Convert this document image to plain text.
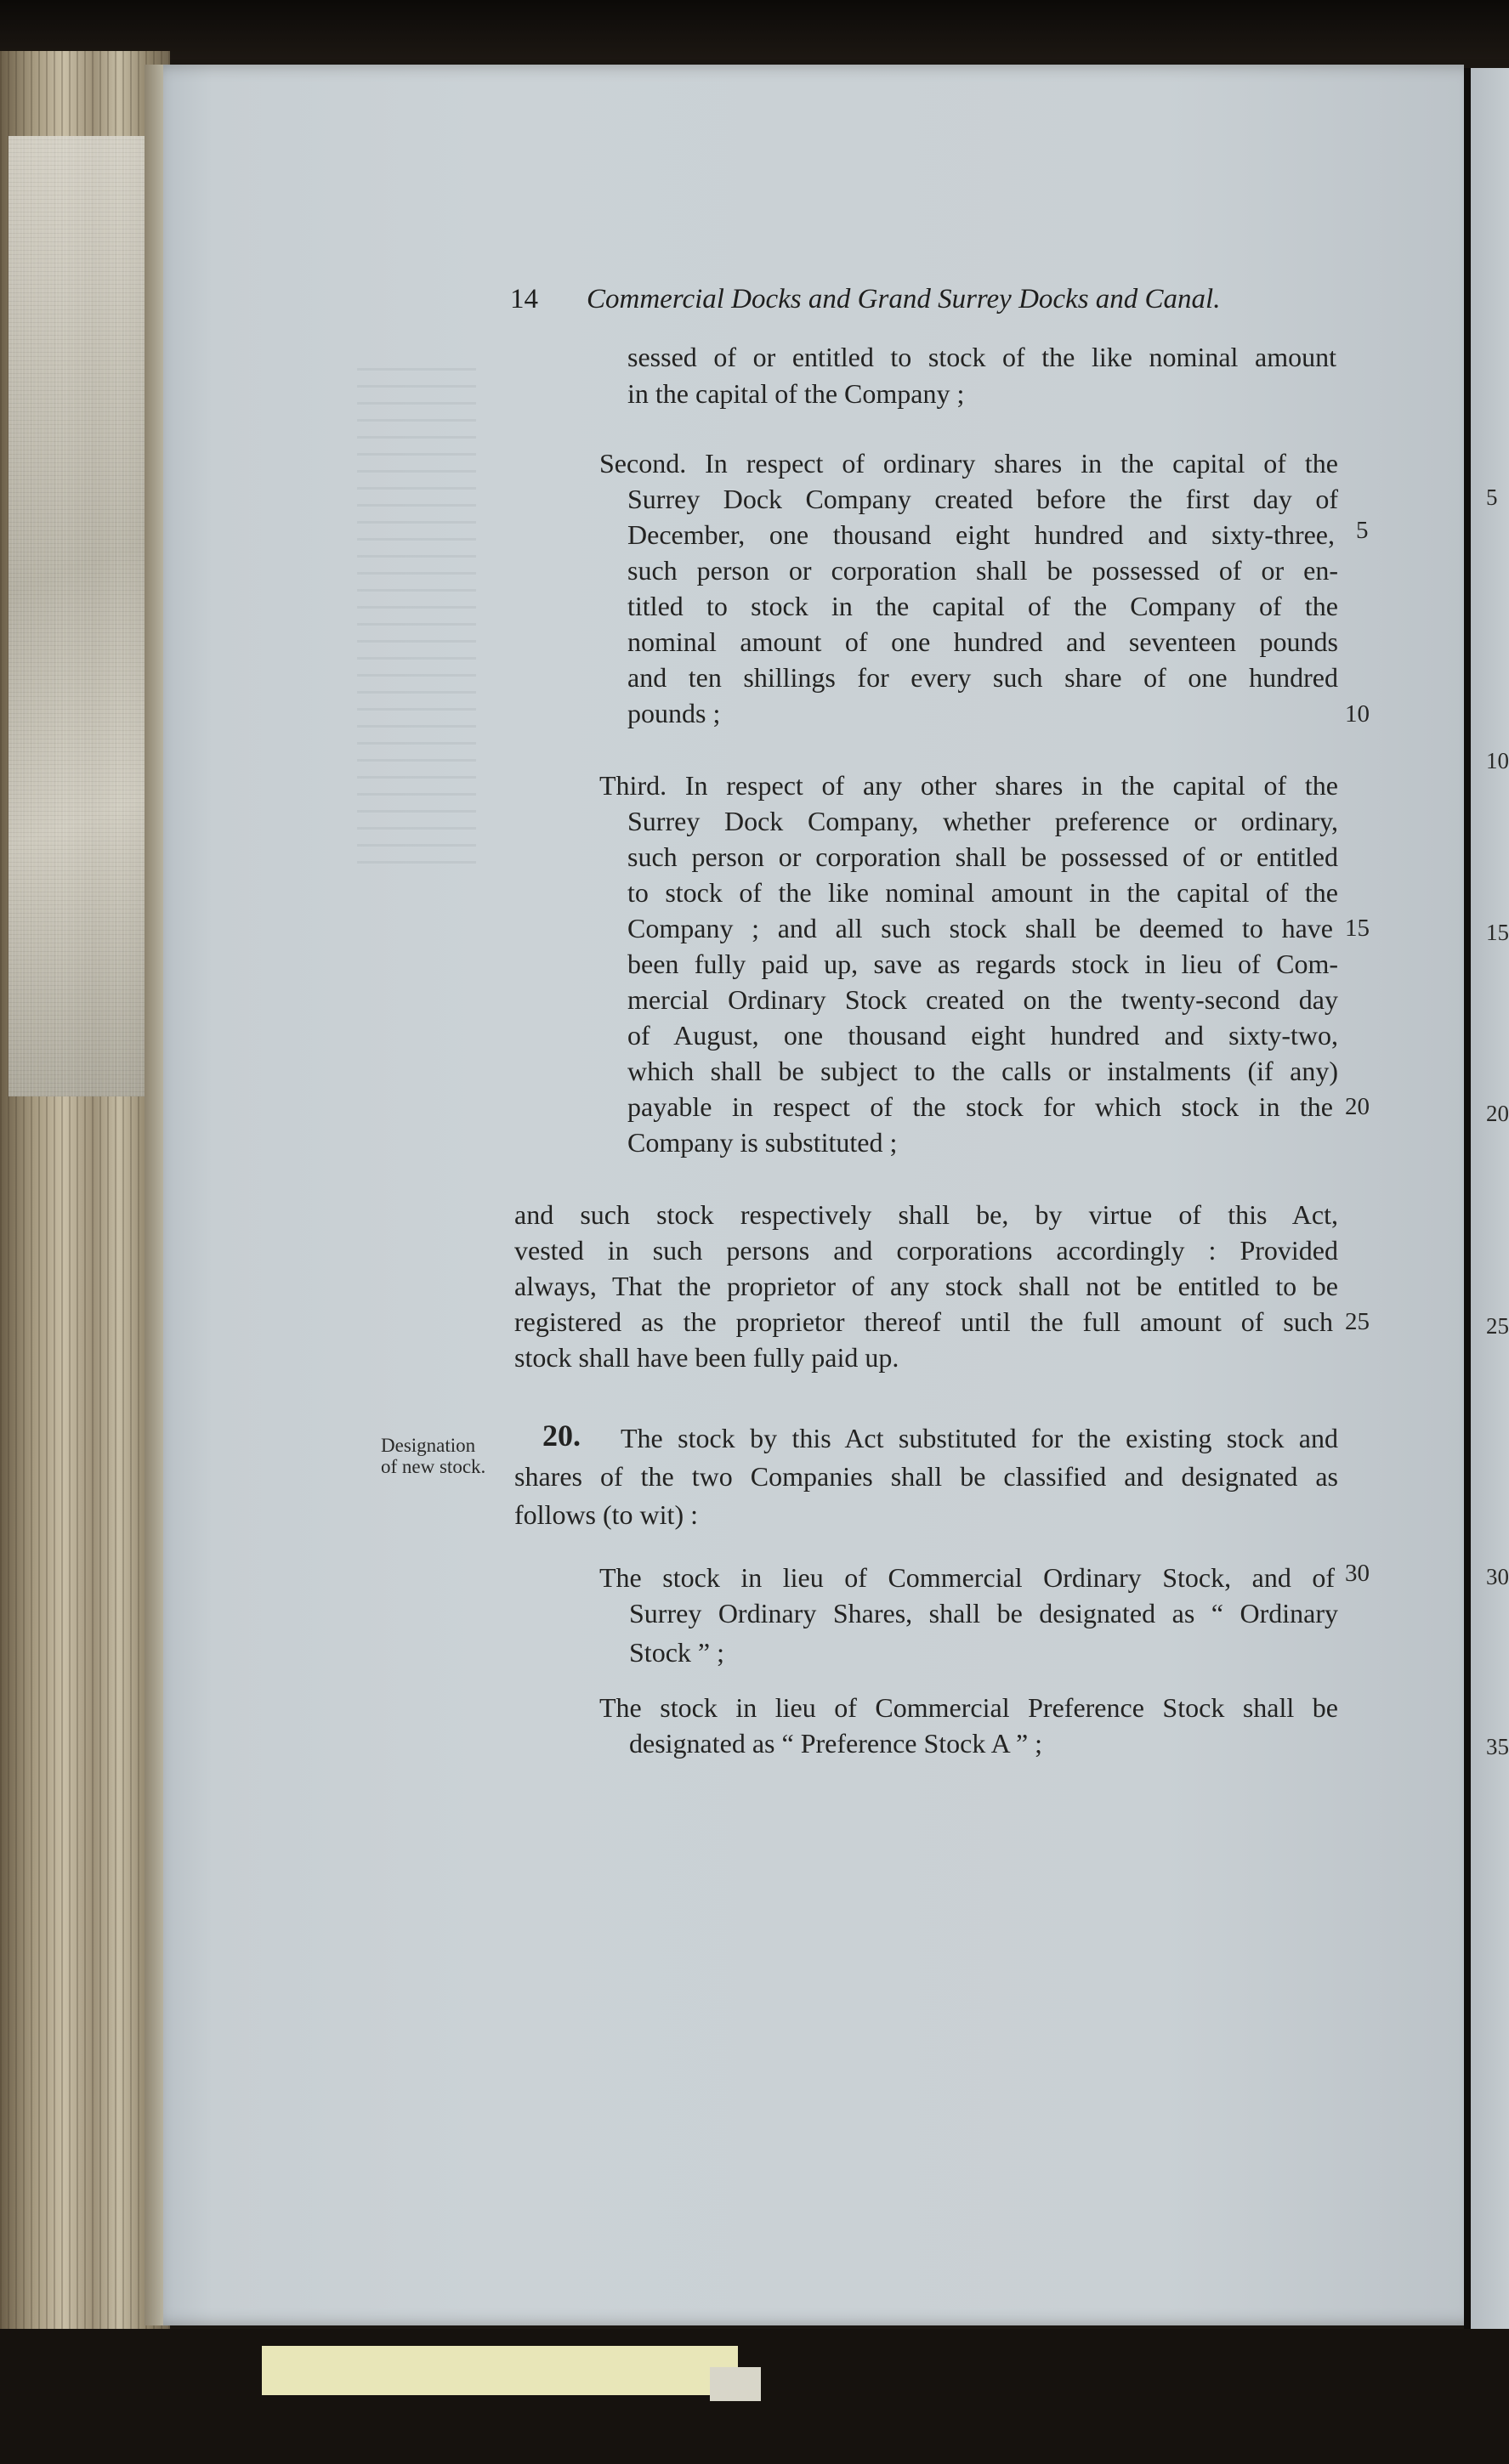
14 Commercial Docks and Grand Surrey Docks and Canal.
sessed of or entitled to stock of the like nominal amount
in the capital of the Company ;
Second. In respect of ordinary shares in the capital of the
Surrey Dock Company created before the first day of
December, one thousand eight hundred and sixty-three,
such person or corporation shall be possessed of or en-
titled to stock in the capital of the Company of the
nominal amount of one hundred and seventeen pounds
and ten shillings for every such share of one hundred
pounds ;
Third. In respect of any other shares in the capital of the
Surrey Dock Company, whether preference or ordinary,
such person or corporation shall be possessed of or entitled
to stock of the like nominal amount in the capital of the
Company ; and all such stock shall be deemed to have
been fully paid up, save as regards stock in lieu of Com-
mercial Ordinary Stock created on the twenty-second day
of August, one thousand eight hundred and sixty-two,
which shall be subject to the calls or instalments (if any)
payable in respect of the stock for which stock in the
Company is substituted ;
and such stock respectively shall be, by virtue of this Act,
vested in such persons and corporations accordingly : Provided
always, That the proprietor of any stock shall not be entitled to be
registered as the proprietor thereof until the full amount of such
stock shall have been fully paid up.
20. The stock by this Act substituted for the existing stock and
shares of the two Companies shall be classified and designated as
follows (to wit) :
The stock in lieu of Commercial Ordinary Stock, and of
Surrey Ordinary Shares, shall be designated as “ Ordinary
Stock ” ;
The stock in lieu of Commercial Preference Stock shall be
designated as “ Preference Stock A ” ;
5
10
15
20
25
30
Designation
of new stock.
5
10
15
20
25
30
35
